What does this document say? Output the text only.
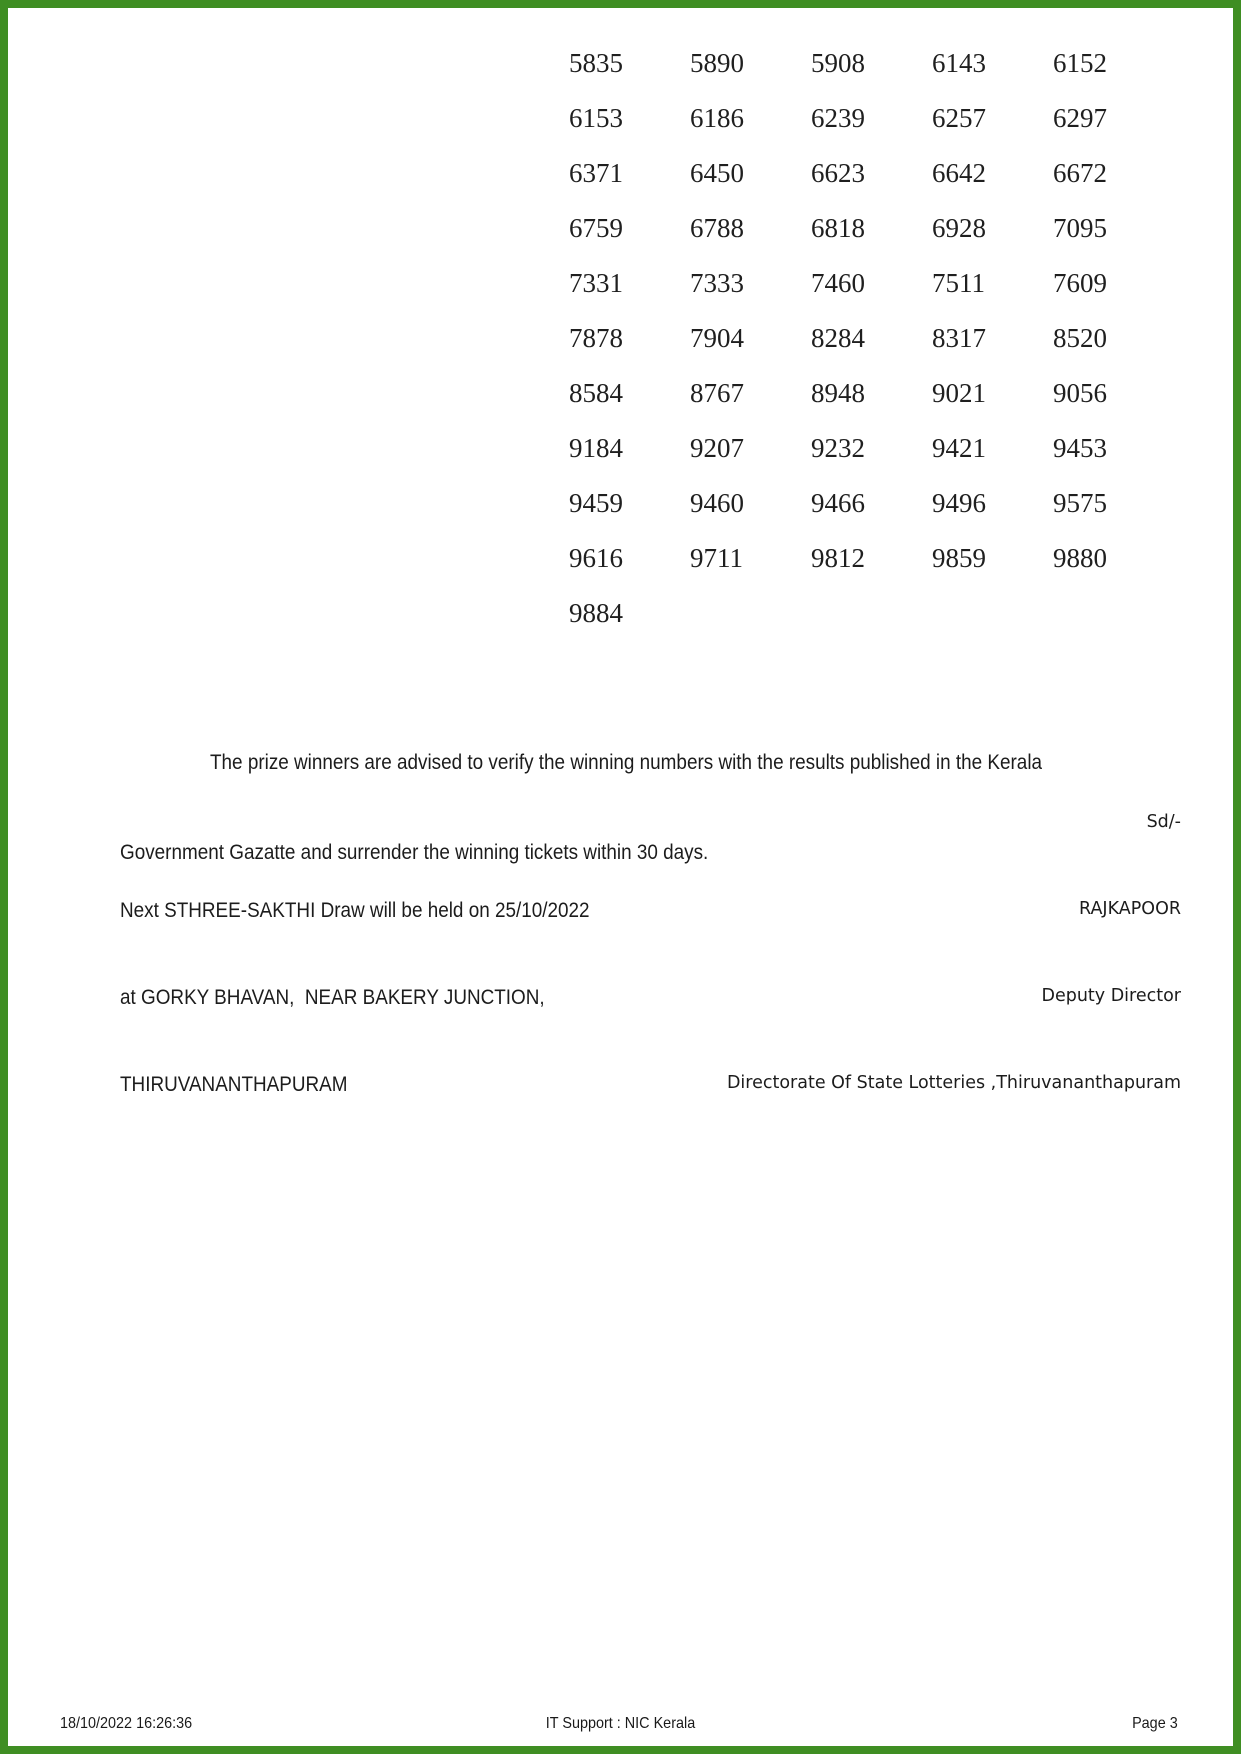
5835	5890	5908	6143	6152
6153	6186	6239	6257	6297
6371	6450	6623	6642	6672
6759	6788	6818	6928	7095
7331	7333	7460	7511	7609
7878	7904	8284	8317	8520
8584	8767	8948	9021	9056
9184	9207	9232	9421	9453
9459	9460	9466	9496	9575
9616	9711	9812	9859	9880
9884

The prize winners are advised to verify the winning numbers with the results published in the Kerala

Government Gazatte and surrender the winning tickets within 30 days.

Sd/-

RAJKAPOOR

Deputy Director

Directorate Of State Lotteries ,Thiruvananthapuram

Next STHREE-SAKTHI Draw will be held on 25/10/2022

at GORKY BHAVAN,  NEAR BAKERY JUNCTION,

THIRUVANANTHAPURAM

18/10/2022 16:26:36	IT Support : NIC Kerala	Page 3
